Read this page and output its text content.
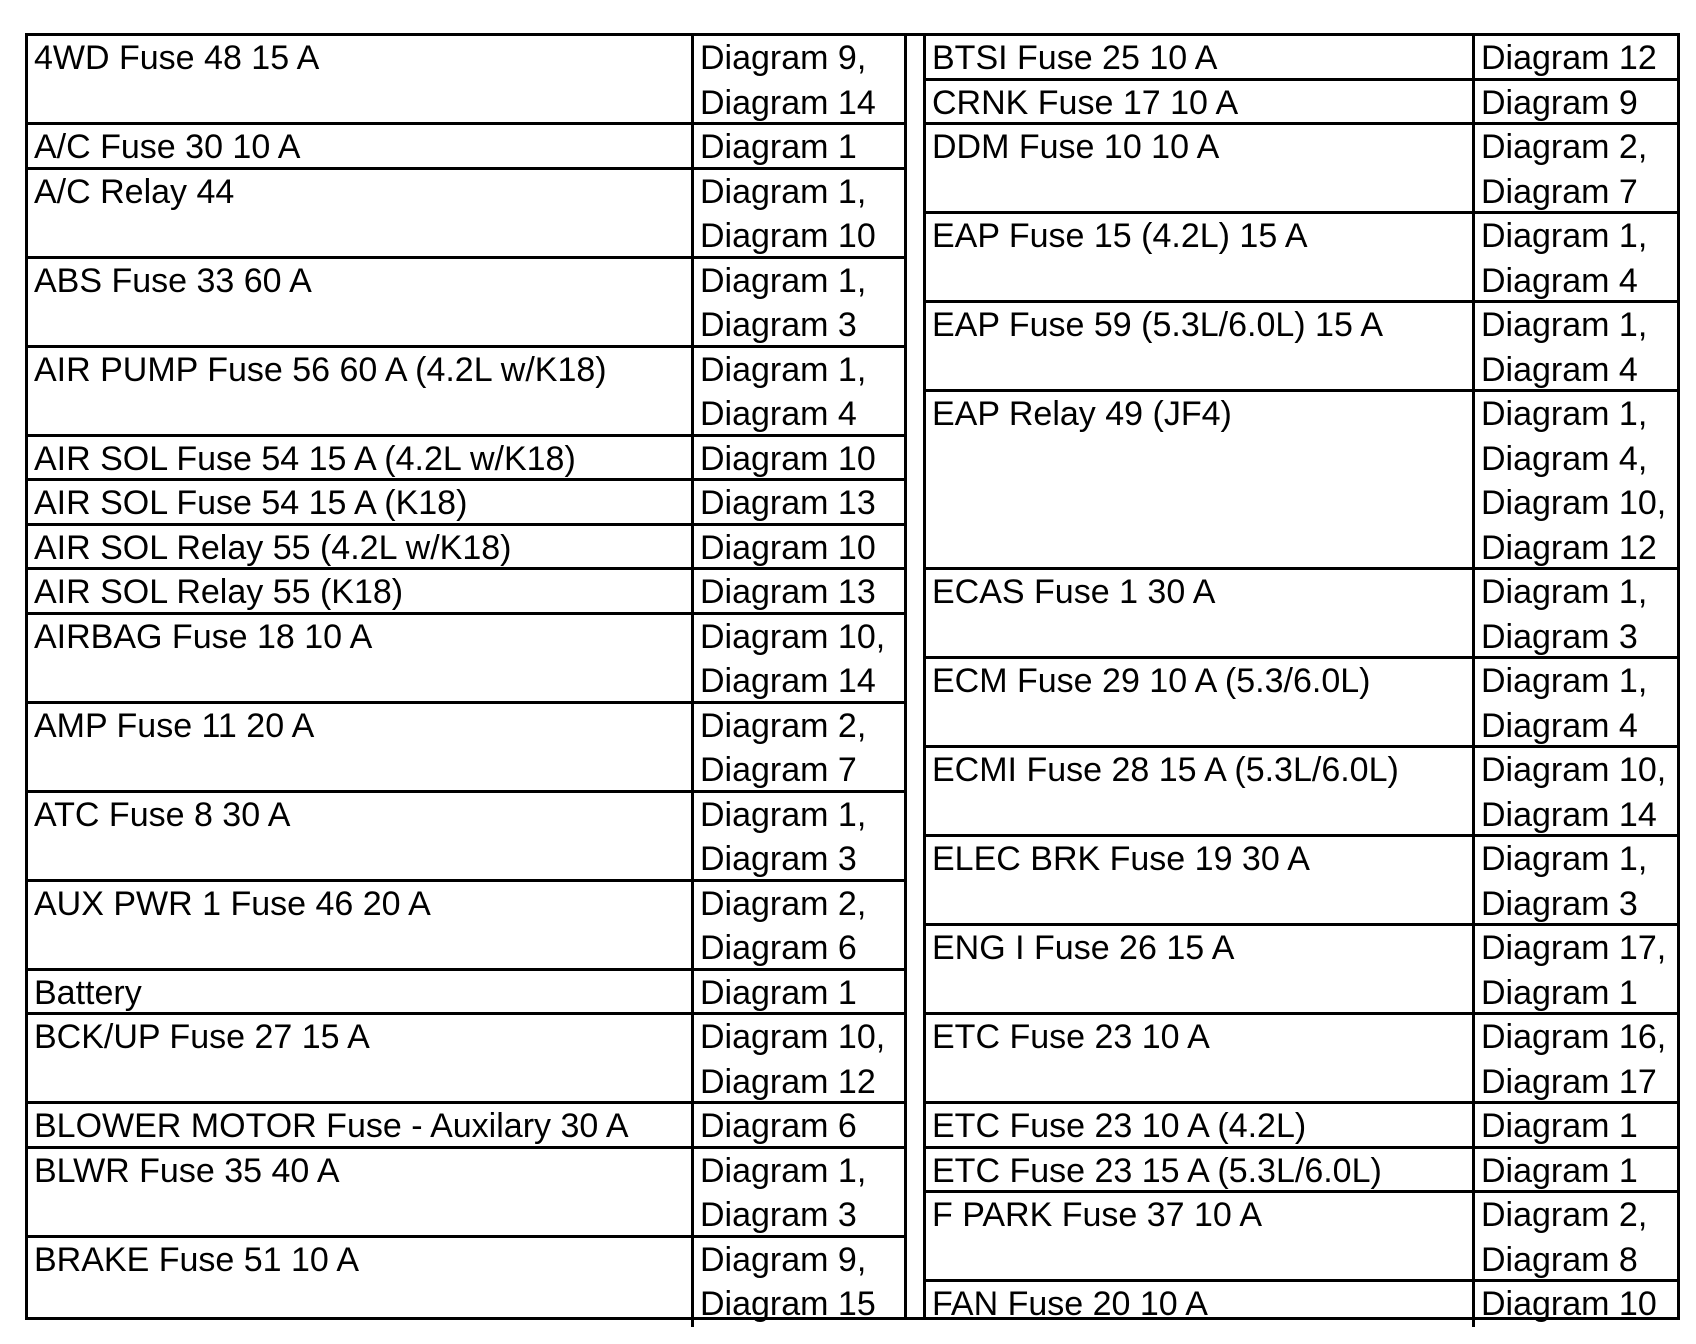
4WD Fuse 48 15 A	Diagram 9,
Diagram 14
A/C Fuse 30 10 A	Diagram 1
A/C Relay 44	Diagram 1,
Diagram 10
ABS Fuse 33 60 A	Diagram 1,
Diagram 3
AIR PUMP Fuse 56 60 A (4.2L w/K18)	Diagram 1,
Diagram 4
AIR SOL Fuse 54 15 A (4.2L w/K18)	Diagram 10
AIR SOL Fuse 54 15 A (K18)	Diagram 13
AIR SOL Relay 55 (4.2L w/K18)	Diagram 10
AIR SOL Relay 55 (K18)	Diagram 13
AIRBAG Fuse 18 10 A	Diagram 10,
Diagram 14
AMP Fuse 11 20 A	Diagram 2,
Diagram 7
ATC Fuse 8 30 A	Diagram 1,
Diagram 3
AUX PWR 1 Fuse 46 20 A	Diagram 2,
Diagram 6
Battery	Diagram 1
BCK/UP Fuse 27 15 A	Diagram 10,
Diagram 12
BLOWER MOTOR Fuse - Auxilary 30 A	Diagram 6
BLWR Fuse 35 40 A	Diagram 1,
Diagram 3
BRAKE Fuse 51 10 A	Diagram 9,
Diagram 15
BTSI Fuse 25 10 A	Diagram 12
CRNK Fuse 17 10 A	Diagram 9
DDM Fuse 10 10 A	Diagram 2,
Diagram 7
EAP Fuse 15 (4.2L) 15 A	Diagram 1,
Diagram 4
EAP Fuse 59 (5.3L/6.0L) 15 A	Diagram 1,
Diagram 4
EAP Relay 49 (JF4)	Diagram 1,
Diagram 4,
Diagram 10,
Diagram 12
ECAS Fuse 1 30 A	Diagram 1,
Diagram 3
ECM Fuse 29 10 A (5.3/6.0L)	Diagram 1,
Diagram 4
ECMI Fuse 28 15 A (5.3L/6.0L)	Diagram 10,
Diagram 14
ELEC BRK Fuse 19 30 A	Diagram 1,
Diagram 3
ENG I Fuse 26 15 A	Diagram 17,
Diagram 1
ETC Fuse 23 10 A	Diagram 16,
Diagram 17
ETC Fuse 23 10 A (4.2L)	Diagram 1
ETC Fuse 23 15 A (5.3L/6.0L)	Diagram 1
F PARK Fuse 37 10 A	Diagram 2,
Diagram 8
FAN Fuse 20 10 A	Diagram 10
